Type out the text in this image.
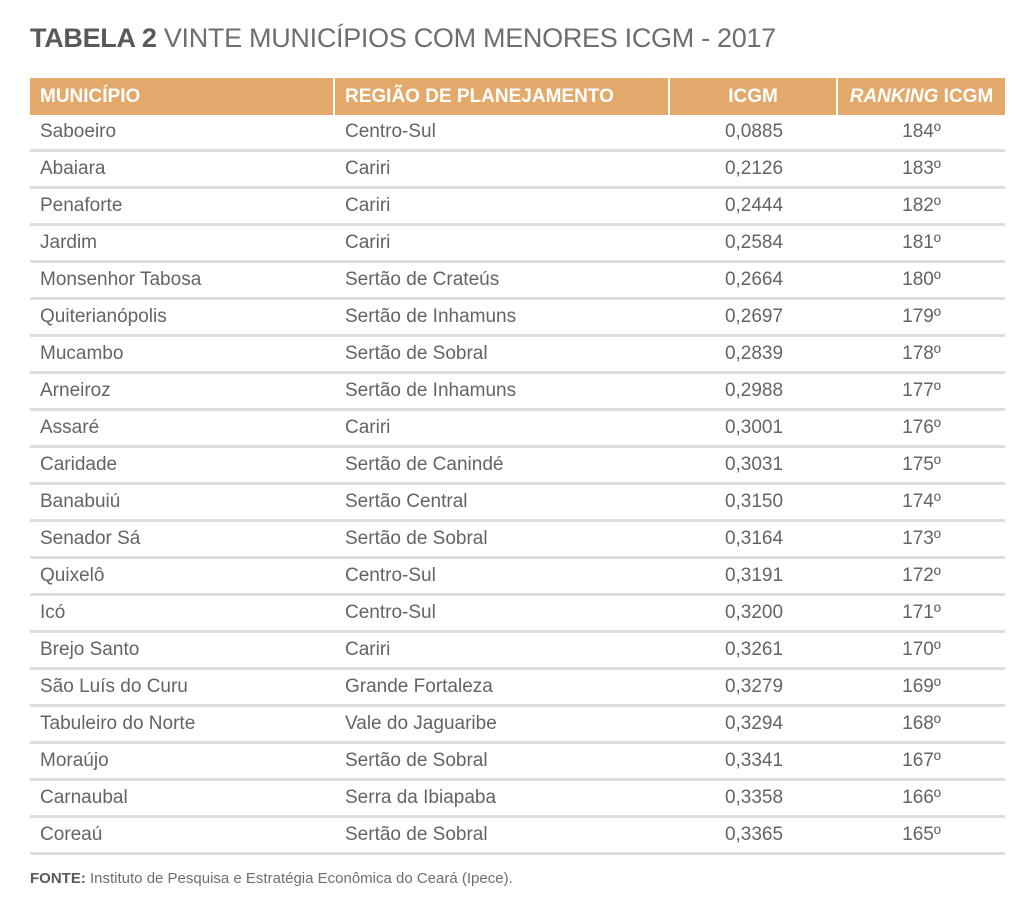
TABELA 2 VINTE MUNICÍPIOS COM MENORES ICGM - 2017
MUNICÍPIO	REGIÃO DE PLANEJAMENTO	ICGM	RANKING ICGM
Saboeiro	Centro-Sul	0,0885	184º
Abaiara	Cariri	0,2126	183º
Penaforte	Cariri	0,2444	182º
Jardim	Cariri	0,2584	181º
Monsenhor Tabosa	Sertão de Crateús	0,2664	180º
Quiterianópolis	Sertão de Inhamuns	0,2697	179º
Mucambo	Sertão de Sobral	0,2839	178º
Arneiroz	Sertão de Inhamuns	0,2988	177º
Assaré	Cariri	0,3001	176º
Caridade	Sertão de Canindé	0,3031	175º
Banabuiú	Sertão Central	0,3150	174º
Senador Sá	Sertão de Sobral	0,3164	173º
Quixelô	Centro-Sul	0,3191	172º
Icó	Centro-Sul	0,3200	171º
Brejo Santo	Cariri	0,3261	170º
São Luís do Curu	Grande Fortaleza	0,3279	169º
Tabuleiro do Norte	Vale do Jaguaribe	0,3294	168º
Moraújo	Sertão de Sobral	0,3341	167º
Carnaubal	Serra da Ibiapaba	0,3358	166º
Coreaú	Sertão de Sobral	0,3365	165º
FONTE: Instituto de Pesquisa e Estratégia Econômica do Ceará (Ipece).
